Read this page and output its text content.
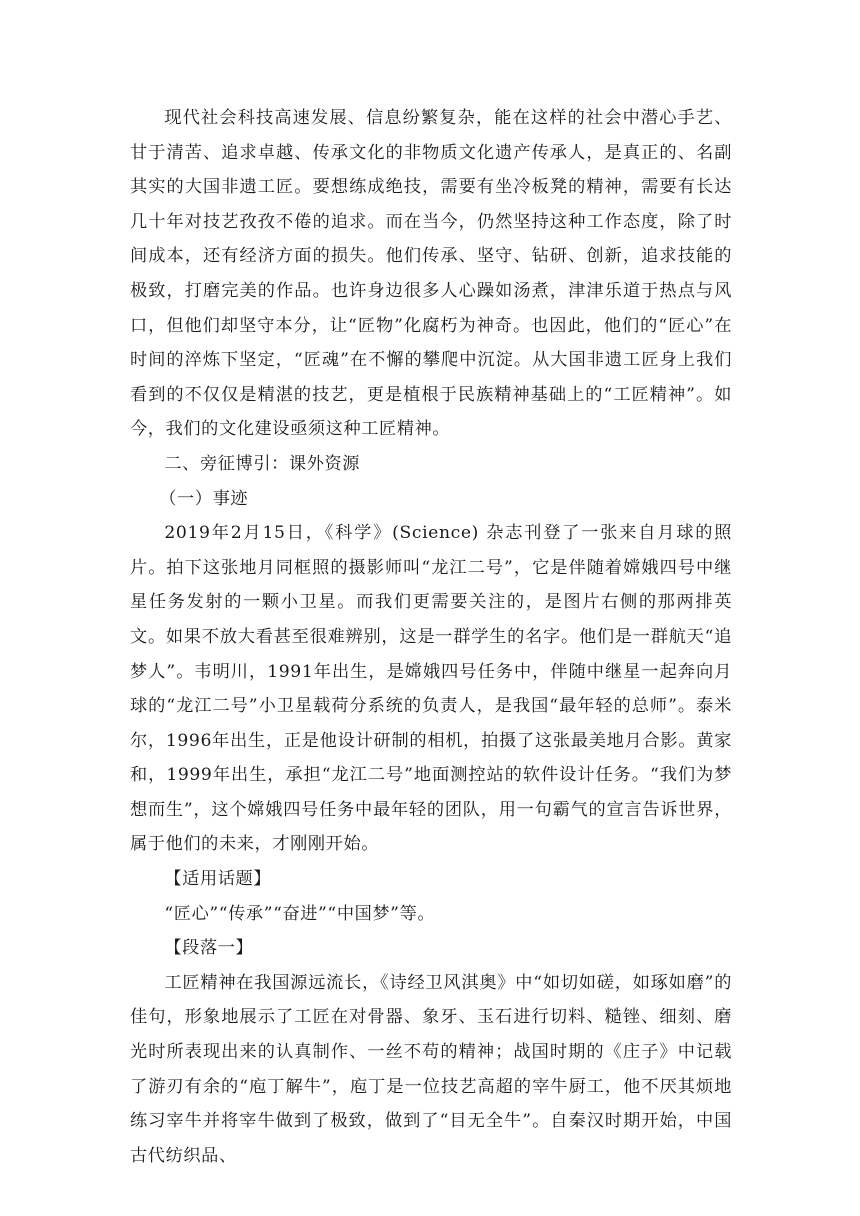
现代社会科技高速发展、信息纷繁复杂，能在这样的社会中潜心手艺、甘于清苦、追求卓越、传承文化的非物质文化遗产传承人，是真正的、名副其实的大国非遗工匠。要想练成绝技，需要有坐冷板凳的精神，需要有长达几十年对技艺孜孜不倦的追求。而在当今，仍然坚持这种工作态度，除了时间成本，还有经济方面的损失。他们传承、坚守、钻研、创新，追求技能的极致，打磨完美的作品。也许身边很多人心躁如汤煮，津津乐道于热点与风口，但他们却坚守本分，让“匠物”化腐朽为神奇。也因此，他们的“匠心”在时间的淬炼下坚定，“匠魂”在不懈的攀爬中沉淀。从大国非遗工匠身上我们看到的不仅仅是精湛的技艺，更是植根于民族精神基础上的“工匠精神”。如今，我们的文化建设亟须这种工匠精神。

二、旁征博引：课外资源

（一）事迹

2019年2月15日，《科学》(Science) 杂志刊登了一张来自月球的照片。拍下这张地月同框照的摄影师叫“龙江二号”，它是伴随着嫦娥四号中继星任务发射的一颗小卫星。而我们更需要关注的，是图片右侧的那两排英文。如果不放大看甚至很难辨别，这是一群学生的名字。他们是一群航天“追梦人”。韦明川，1991年出生，是嫦娥四号任务中，伴随中继星一起奔向月球的“龙江二号”小卫星载荷分系统的负责人，是我国“最年轻的总师”。泰米尔，1996年出生，正是他设计研制的相机，拍摄了这张最美地月合影。黄家和，1999年出生，承担“龙江二号”地面测控站的软件设计任务。“我们为梦想而生”，这个嫦娥四号任务中最年轻的团队，用一句霸气的宣言告诉世界，属于他们的未来，才刚刚开始。

【适用话题】

“匠心”“传承”“奋进”“中国梦”等。

【段落一】

工匠精神在我国源远流长，《诗经卫风淇奥》中“如切如磋，如琢如磨”的佳句，形象地展示了工匠在对骨器、象牙、玉石进行切料、糙锉、细刻、磨光时所表现出来的认真制作、一丝不苟的精神；战国时期的《庄子》中记载了游刃有余的“庖丁解牛”，庖丁是一位技艺高超的宰牛厨工，他不厌其烦地练习宰牛并将宰牛做到了极致，做到了“目无全牛”。自秦汉时期开始，中国古代纺织品、
